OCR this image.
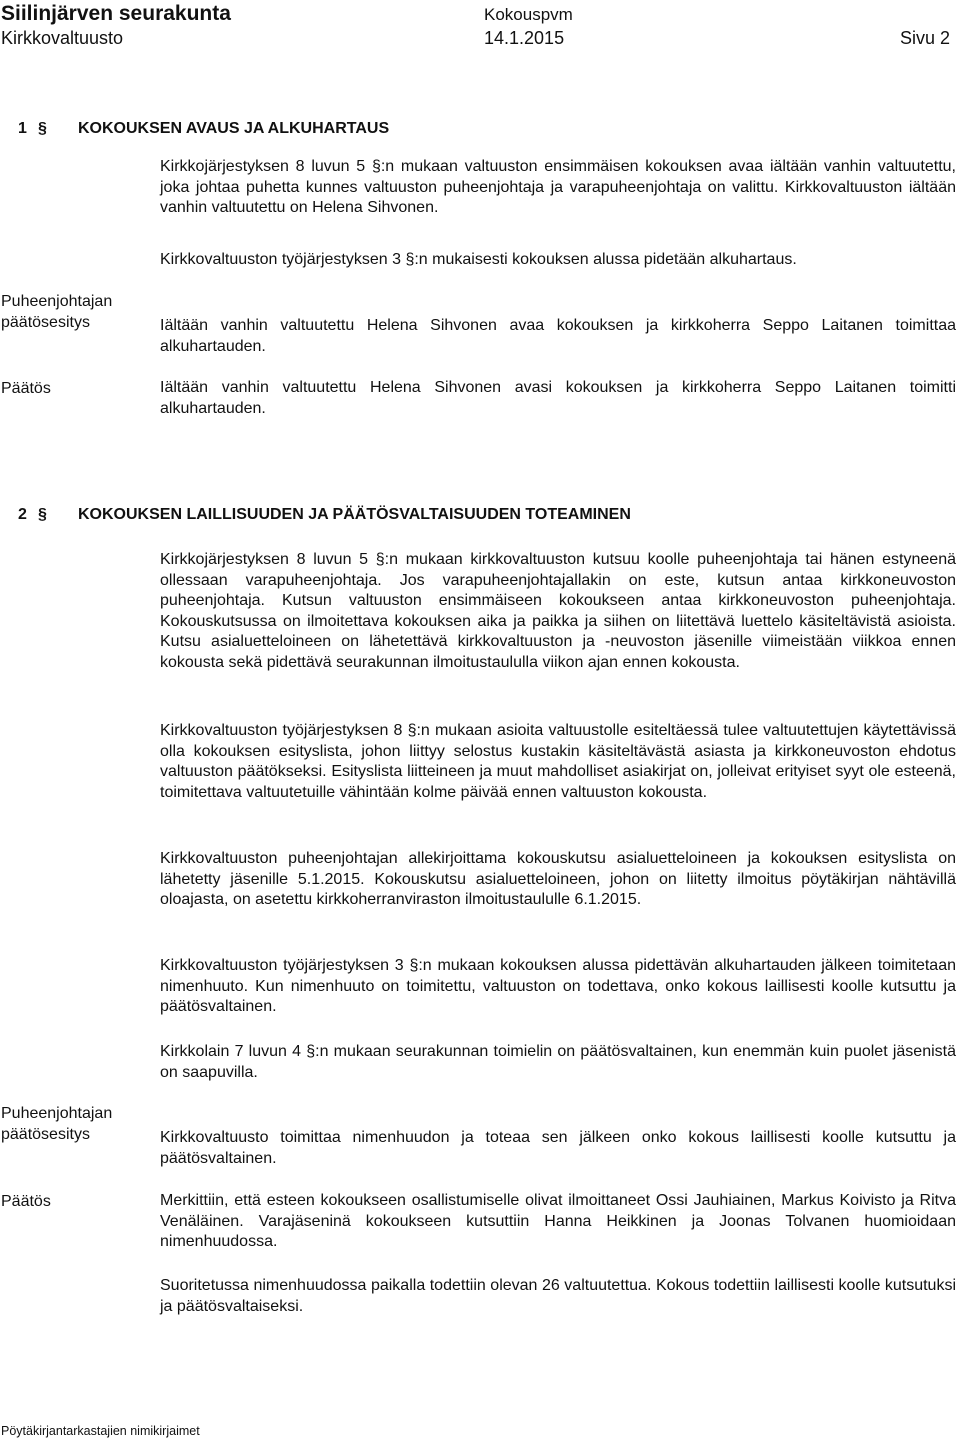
Siilinjärven seurakunta	Kokouspvm
Kirkkovaltuusto	14.1.2015	Sivu 2
1 § KOKOUKSEN AVAUS JA ALKUHARTAUS
Kirkkojärjestyksen 8 luvun 5 §:n mukaan valtuuston ensimmäisen kokouksen avaa iältään vanhin valtuutettu, joka johtaa puhetta kunnes valtuuston puheenjohtaja ja varapuheenjohtaja on valittu. Kirkkovaltuuston iältään vanhin valtuutettu on Helena Sihvonen.
Kirkkovaltuuston työjärjestyksen 3 §:n mukaisesti kokouksen alussa pidetään alkuhartaus.
Puheenjohtajan päätösesitys	Iältään vanhin valtuutettu Helena Sihvonen avaa kokouksen ja kirkkoherra Seppo Laitanen toimittaa alkuhartauden.
Päätös	Iältään vanhin valtuutettu Helena Sihvonen avasi kokouksen ja kirkkoherra Seppo Laitanen toimitti alkuhartauden.
2 § KOKOUKSEN LAILLISUUDEN JA PÄÄTÖSVALTAISUUDEN TOTEAMINEN
Kirkkojärjestyksen 8 luvun 5 §:n mukaan kirkkovaltuuston kutsuu koolle puheenjohtaja tai hänen estyneenä ollessaan varapuheenjohtaja. Jos varapuheenjohtajallakin on este, kutsun antaa kirkkoneuvoston puheenjohtaja. Kutsun valtuuston ensimmäiseen kokoukseen antaa kirkkoneuvoston puheenjohtaja. Kokouskutsussa on ilmoitettava kokouksen aika ja paikka ja siihen on liitettävä luettelo käsiteltävistä asioista. Kutsu asialuetteloineen on lähetettävä kirkkovaltuuston ja -neuvoston jäsenille viimeistään viikkoa ennen kokousta sekä pidettävä seurakunnan ilmoitustaululla viikon ajan ennen kokousta.
Kirkkovaltuuston työjärjestyksen 8 §:n mukaan asioita valtuustolle esiteltäessä tulee valtuutettujen käytettävissä olla kokouksen esityslista, johon liittyy selostus kustakin käsiteltävästä asiasta ja kirkkoneuvoston ehdotus valtuuston päätökseksi. Esityslista liitteineen ja muut mahdolliset asiakirjat on, jolleivat erityiset syyt ole esteenä, toimitettava valtuutetuille vähintään kolme päivää ennen valtuuston kokousta.
Kirkkovaltuuston puheenjohtajan allekirjoittama kokouskutsu asialuetteloineen ja kokouksen esityslista on lähetetty jäsenille 5.1.2015. Kokouskutsu asialuetteloineen, johon on liitetty ilmoitus pöytäkirjan nähtävillä oloajasta, on asetettu kirkkoherranviraston ilmoitustaululle 6.1.2015.
Kirkkovaltuuston työjärjestyksen 3 §:n mukaan kokouksen alussa pidettävän alkuhartauden jälkeen toimitetaan nimenhuuto. Kun nimenhuuto on toimitettu, valtuuston on todettava, onko kokous laillisesti koolle kutsuttu ja päätösvaltainen.
Kirkkolain 7 luvun 4 §:n mukaan seurakunnan toimielin on päätösvaltainen, kun enemmän kuin puolet jäsenistä on saapuvilla.
Puheenjohtajan päätösesitys	Kirkkovaltuusto toimittaa nimenhuudon ja toteaa sen jälkeen onko kokous laillisesti koolle kutsuttu ja päätösvaltainen.
Päätös	Merkittiin, että esteen kokoukseen osallistumiselle olivat ilmoittaneet Ossi Jauhiainen, Markus Koivisto ja Ritva Venäläinen. Varajäseninä kokoukseen kutsuttiin Hanna Heikkinen ja Joonas Tolvanen huomioidaan nimenhuudossa.
Suoritetussa nimenhuudossa paikalla todettiin olevan 26 valtuutettua. Kokous todettiin laillisesti koolle kutsutuksi ja päätösvaltaiseksi.
Pöytäkirjantarkastajien nimikirjaimet
